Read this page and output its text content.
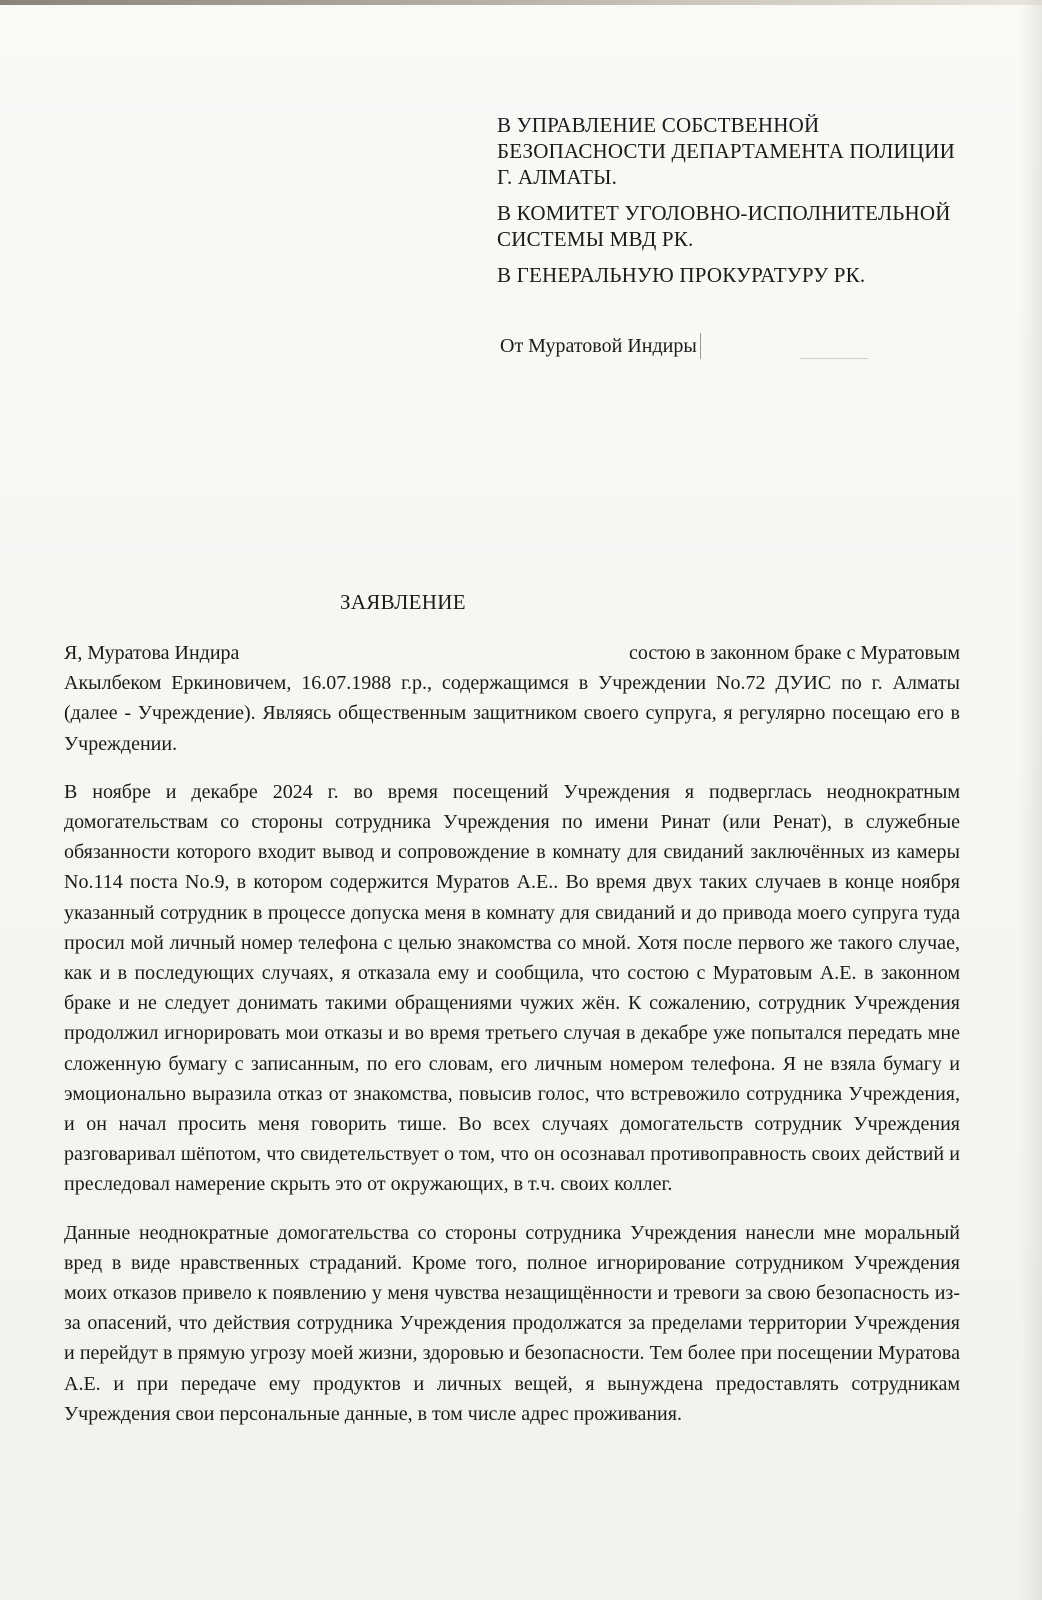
В УПРАВЛЕНИЕ СОБСТВЕННОЙ БЕЗОПАСНОСТИ ДЕПАРТАМЕНТА ПОЛИЦИИ Г. АЛМАТЫ.

В КОМИТЕТ УГОЛОВНО-ИСПОЛНИТЕЛЬНОЙ СИСТЕМЫ МВД РК.

В ГЕНЕРАЛЬНУЮ ПРОКУРАТУРУ РК.

От Муратовой Индиры
ЗАЯВЛЕНИЕ
Я, Муратова Индира	состою в законном браке с Муратовым

Акылбеком Еркиновичем, 16.07.1988 г.р., содержащимся в Учреждении No.72 ДУИС по г. Алматы (далее - Учреждение). Являясь общественным защитником своего супруга, я регулярно посещаю его в Учреждении.

В ноябре и декабре 2024 г. во время посещений Учреждения я подверглась неоднократным домогательствам со стороны сотрудника Учреждения по имени Ринат (или Ренат), в служебные обязанности которого входит вывод и сопровождение в комнату для свиданий заключённых из камеры No.114 поста No.9, в котором содержится Муратов А.Е.. Во время двух таких случаев в конце ноября указанный сотрудник в процессе допуска меня в комнату для свиданий и до привода моего супруга туда просил мой личный номер телефона с целью знакомства со мной. Хотя после первого же такого случае, как и в последующих случаях, я отказала ему и сообщила, что состою с Муратовым А.Е. в законном браке и не следует донимать такими обращениями чужих жён. К сожалению, сотрудник Учреждения продолжил игнорировать мои отказы и во время третьего случая в декабре уже попытался передать мне сложенную бумагу с записанным, по его словам, его личным номером телефона. Я не взяла бумагу и эмоционально выразила отказ от знакомства, повысив голос, что встревожило сотрудника Учреждения, и он начал просить меня говорить тише. Во всех случаях домогательств сотрудник Учреждения разговаривал шёпотом, что свидетельствует о том, что он осознавал противоправность своих действий и преследовал намерение скрыть это от окружающих, в т.ч. своих коллег.

Данные неоднократные домогательства со стороны сотрудника Учреждения нанесли мне моральный вред в виде нравственных страданий. Кроме того, полное игнорирование сотрудником Учреждения моих отказов привело к появлению у меня чувства незащищённости и тревоги за свою безопасность из-за опасений, что действия сотрудника Учреждения продолжатся за пределами территории Учреждения и перейдут в прямую угрозу моей жизни, здоровью и безопасности. Тем более при посещении Муратова А.Е. и при передаче ему продуктов и личных вещей, я вынуждена предоставлять сотрудникам Учреждения свои персональные данные, в том числе адрес проживания.
